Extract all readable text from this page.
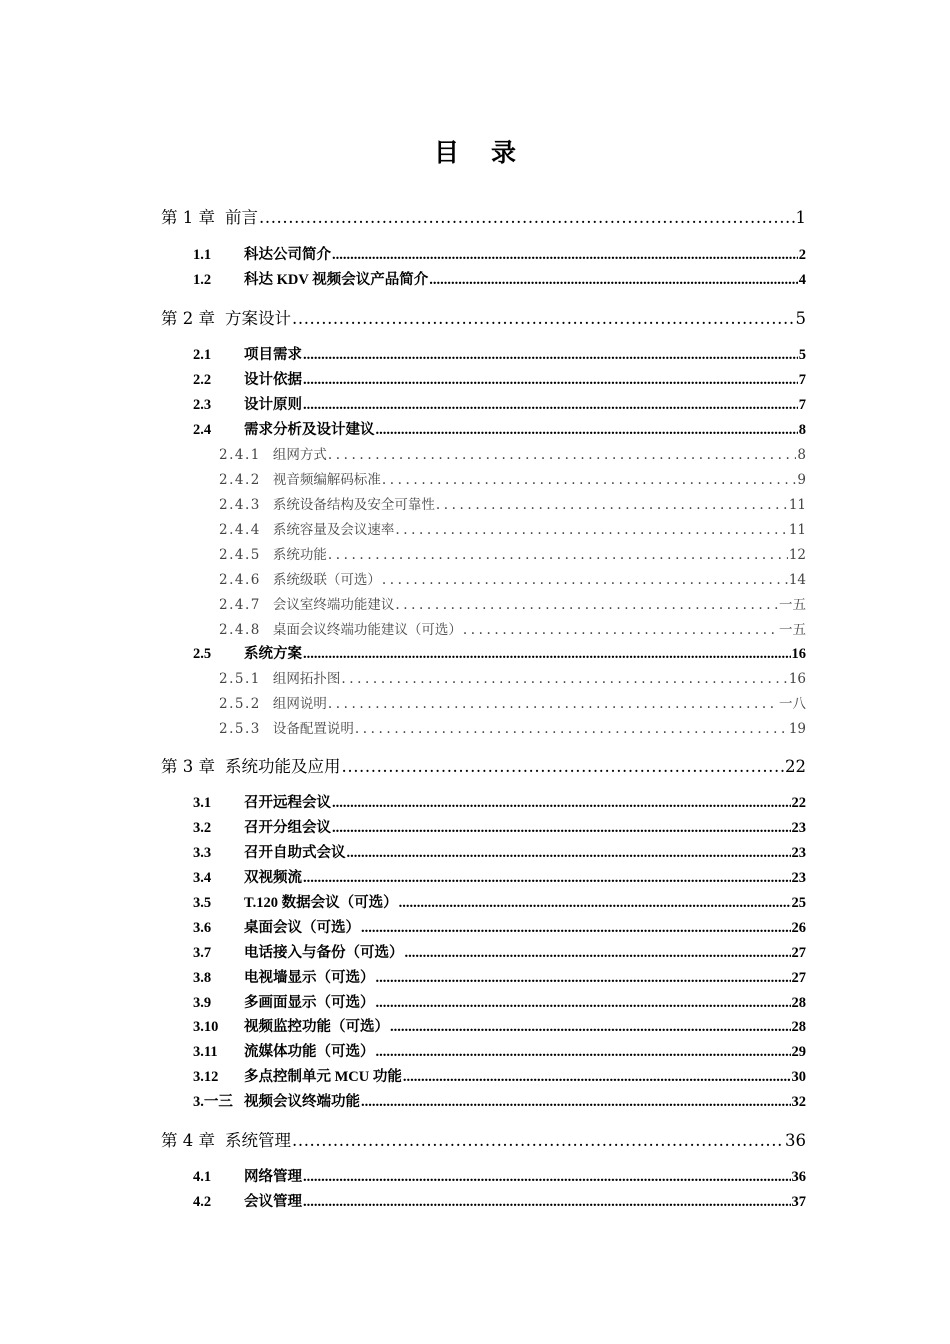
目 录
第 1 章 前言 .....	1
1.1	科达公司简介 .....	2
1.2	科达 KDV 视频会议产品简介 .....	4
第 2 章 方案设计 .....	5
2.1	项目需求 .....	5
2.2	设计依据 .....	7
2.3	设计原则 .....	7
2.4	需求分析及设计建议 .....	8
2.4.1 组网方式 .....	8
2.4.2 视音频编解码标准 .....	9
2.4.3 系统设备结构及安全可靠性 .....	11
2.4.4 系统容量及会议速率 .....	11
2.4.5 系统功能 .....	12
2.4.6 系统级联（可选） .....	14
2.4.7 会议室终端功能建议 .....	一五
2.4.8 桌面会议终端功能建议（可选） .....	一五
2.5	系统方案 .....	16
2.5.1 组网拓扑图 .....	16
2.5.2 组网说明 .....	一八
2.5.3 设备配置说明 .....	19
第 3 章 系统功能及应用 .....	22
3.1	召开远程会议 .....	22
3.2	召开分组会议 .....	23
3.3	召开自助式会议 .....	23
3.4	双视频流 .....	23
3.5	T.120 数据会议（可选） .....	25
3.6	桌面会议（可选） .....	26
3.7	电话接入与备份（可选） .....	27
3.8	电视墙显示（可选） .....	27
3.9	多画面显示（可选） .....	28
3.10	视频监控功能（可选） .....	28
3.11	流媒体功能（可选） .....	29
3.12	多点控制单元 MCU 功能 .....	30
3.一三 视频会议终端功能 .....	32
第 4 章 系统管理 .....	36
4.1	网络管理 .....	36
4.2	会议管理 .....	37
